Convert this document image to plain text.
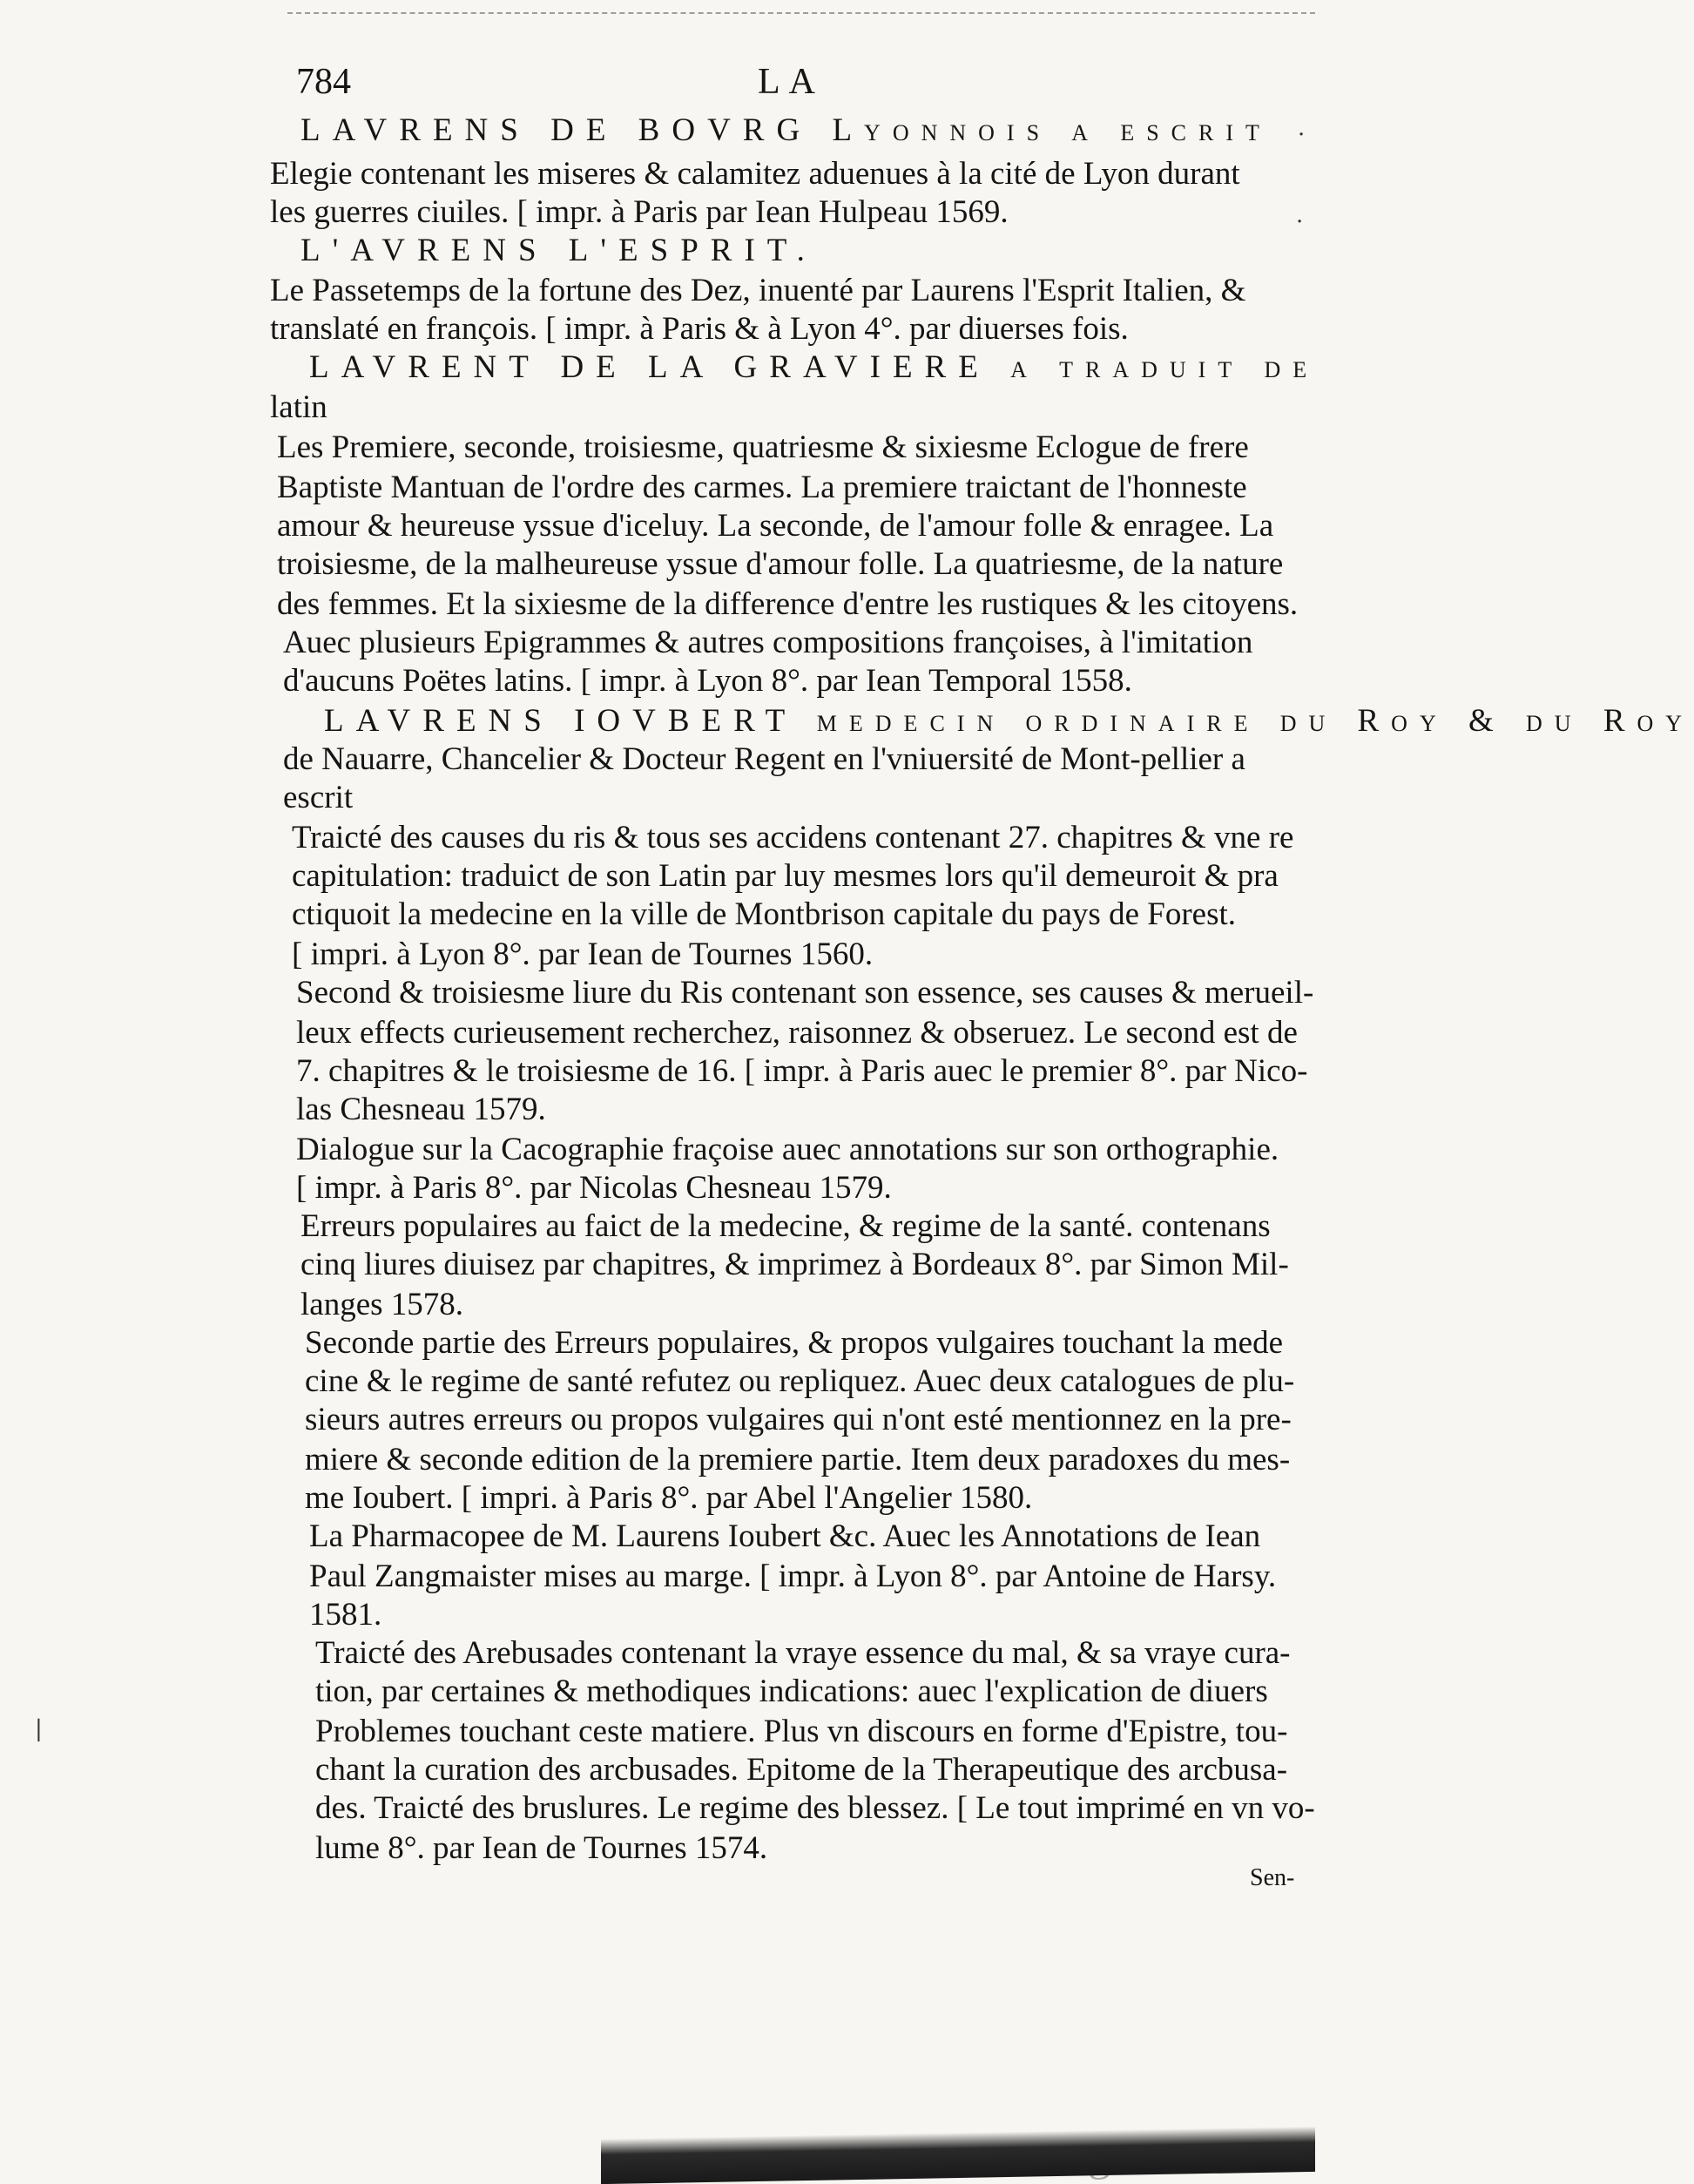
784	LA
LAVRENS DE BOVRG Lyonnois a escrit
Elegie contenant les miseres & calamitez aduenues à la cité de Lyon durant
les guerres ciuiles. [ impr. à Paris par Iean Hulpeau 1569.
L'AVRENS L'ESPRIT.
Le Passetemps de la fortune des Dez, inuenté par Laurens l'Esprit Italien, &
translaté en françois. [ impr. à Paris & à Lyon 4°. par diuerses fois.
LAVRENT DE LA GRAVIERE a traduit de
latin
Les Premiere, seconde, troisiesme, quatriesme & sixiesme Eclogue de frere
Baptiste Mantuan de l'ordre des carmes. La premiere traictant de l'honneste
amour & heureuse yssue d'iceluy. La seconde, de l'amour folle & enragee. La
troisiesme, de la malheureuse yssue d'amour folle. La quatriesme, de la nature
des femmes. Et la sixiesme de la difference d'entre les rustiques & les citoyens.
Auec plusieurs Epigrammes & autres compositions françoises, à l'imitation
d'aucuns Poëtes latins. [ impr. à Lyon 8°. par Iean Temporal 1558.
LAVRENS IOVBERT medecin ordinaire du Roy & du Roy
de Nauarre, Chancelier & Docteur Regent en l'vniuersité de Mont-pellier a
escrit
Traicté des causes du ris & tous ses accidens contenant 27. chapitres & vne re
capitulation: traduict de son Latin par luy mesmes lors qu'il demeuroit & pra
ctiquoit la medecine en la ville de Montbrison capitale du pays de Forest.
[ impri. à Lyon 8°. par Iean de Tournes 1560.
Second & troisiesme liure du Ris contenant son essence, ses causes & merueil-
leux effects curieusement recherchez, raisonnez & obseruez. Le second est de
7. chapitres & le troisiesme de 16. [ impr. à Paris auec le premier 8°. par Nico-
las Chesneau 1579.
Dialogue sur la Cacographie fraçoise auec annotations sur son orthographie.
[ impr. à Paris 8°. par Nicolas Chesneau 1579.
Erreurs populaires au faict de la medecine, & regime de la santé. contenans
cinq liures diuisez par chapitres, & imprimez à Bordeaux 8°. par Simon Mil-
langes 1578.
Seconde partie des Erreurs populaires, & propos vulgaires touchant la mede
cine & le regime de santé refutez ou repliquez. Auec deux catalogues de plu-
sieurs autres erreurs ou propos vulgaires qui n'ont esté mentionnez en la pre-
miere & seconde edition de la premiere partie. Item deux paradoxes du mes-
me Ioubert. [ impri. à Paris 8°. par Abel l'Angelier 1580.
La Pharmacopee de M. Laurens Ioubert &c. Auec les Annotations de Iean
Paul Zangmaister mises au marge. [ impr. à Lyon 8°. par Antoine de Harsy.
1581.
Traicté des Arebusades contenant la vraye essence du mal, & sa vraye cura-
tion, par certaines & methodiques indications: auec l'explication de diuers
Problemes touchant ceste matiere. Plus vn discours en forme d'Epistre, tou-
chant la curation des arcbusades. Epitome de la Therapeutique des arcbusa-
des. Traicté des bruslures. Le regime des blessez. [ Le tout imprimé en vn vo-
lume 8°. par Iean de Tournes 1574.
Sen-
·
·
|
